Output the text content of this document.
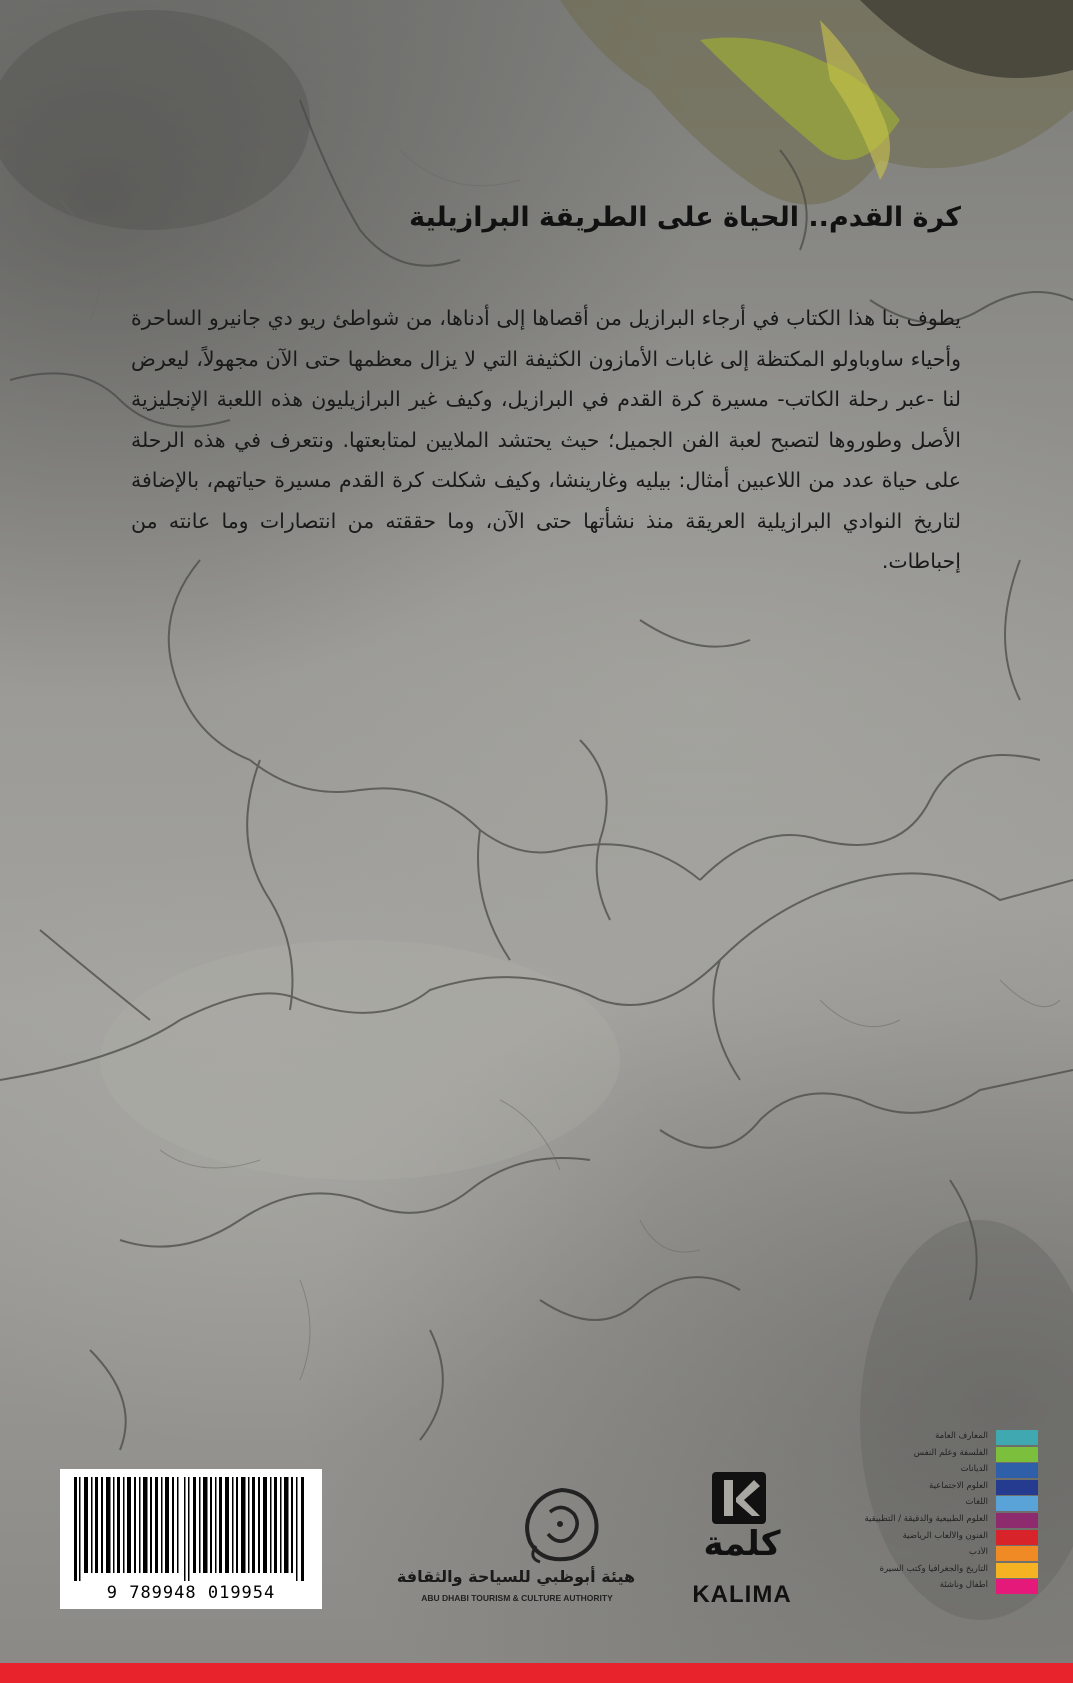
كرة القدم.. الحياة على الطريقة البرازيلية
يطوف بنا هذا الكتاب في أرجاء البرازيل من أقصاها إلى أدناها، من شواطئ ريو دي جانيرو الساحرة وأحياء ساوباولو المكتظة إلى غابات الأمازون الكثيفة التي لا يزال معظمها حتى الآن مجهولاً، ليعرض لنا -عبر رحلة الكاتب- مسيرة كرة القدم في البرازيل، وكيف غير البرازيليون هذه اللعبة الإنجليزية الأصل وطوروها لتصبح لعبة الفن الجميل؛ حيث يحتشد الملايين لمتابعتها. ونتعرف في هذه الرحلة على حياة عدد من اللاعبين أمثال: بيليه وغارينشا، وكيف شكلت كرة القدم مسيرة حياتهم، بالإضافة لتاريخ النوادي البرازيلية العريقة منذ نشأتها حتى الآن، وما حققته من انتصارات وما عانته من إحباطات.
9 789948 019954
هيئة أبوظبي للسياحة والثقافة
ABU DHABI TOURISM & CULTURE AUTHORITY
كلمة
KALIMA
المعارف العامة
الفلسفة وعلم النفس
الديانات
العلوم الاجتماعية
اللغات
العلوم الطبيعية والدقيقة / التطبيقية
الفنون والألعاب الرياضية
الأدب
التاريخ والجغرافيا وكتب السيرة
أطفال وناشئة
